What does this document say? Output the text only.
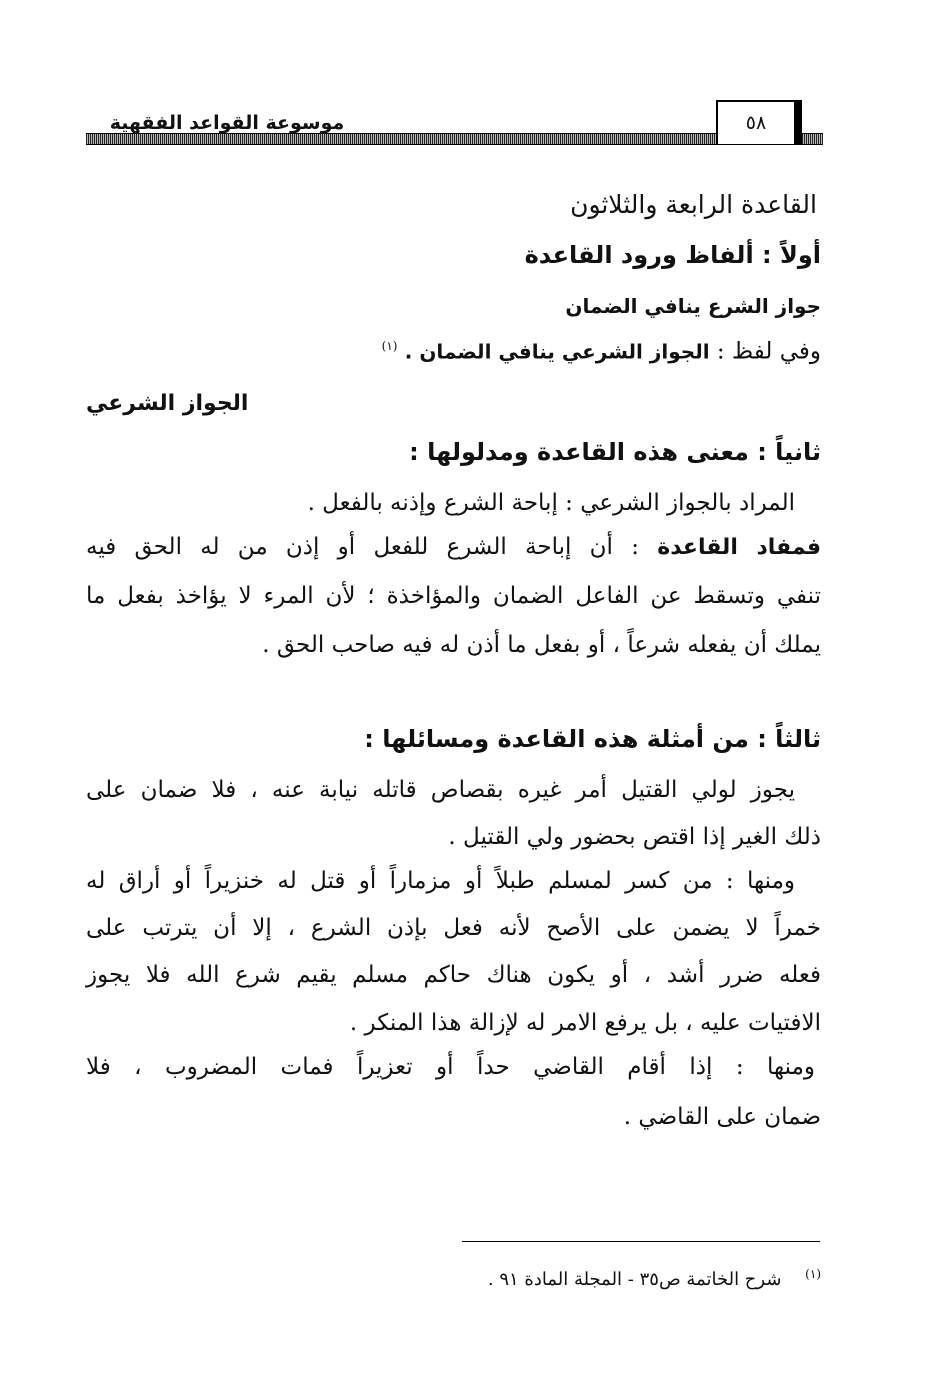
موسوعة القواعد الفقهية	٥٨
القاعدة الرابعة والثلاثون
أولاً : ألفاظ ورود القاعدة
جواز الشرع ينافي الضمان
وفي لفظ : الجواز الشرعي ينافي الضمان . $^{(١)}$
الجواز الشرعي
ثانياً : معنى هذه القاعدة ومدلولها :
المراد بالجواز الشرعي : إباحة الشرع وإذنه بالفعل .
فمفاد القاعدة : أن إباحة الشرع للفعل أو إذن من له الحق فيه
تنفي وتسقط عن الفاعل الضمان والمؤاخذة ؛ لأن المرء لا يؤاخذ بفعل ما
يملك أن يفعله شرعاً ، أو بفعل ما أذن له فيه صاحب الحق .
ثالثاً : من أمثلة هذه القاعدة ومسائلها :
يجوز لولي القتيل أمر غيره بقصاص قاتله نيابة عنه ، فلا ضمان على
ذلك الغير إذا اقتص بحضور ولي القتيل .
ومنها : من كسر لمسلم طبلاً أو مزماراً أو قتل له خنزيراً أو أراق له
خمراً لا يضمن على الأصح لأنه فعل بإذن الشرع ، إلا أن يترتب على
فعله ضرر أشد ، أو يكون هناك حاكم مسلم يقيم شرع الله فلا يجوز
الافتيات عليه ، بل يرفع الامر له لإزالة هذا المنكر .
ومنها : إذا أقام القاضي حداً أو تعزيراً فمات المضروب ، فلا
ضمان على القاضي .
$^{(١)}$ شرح الخاتمة ص٣٥ - المجلة المادة ٩١ .
